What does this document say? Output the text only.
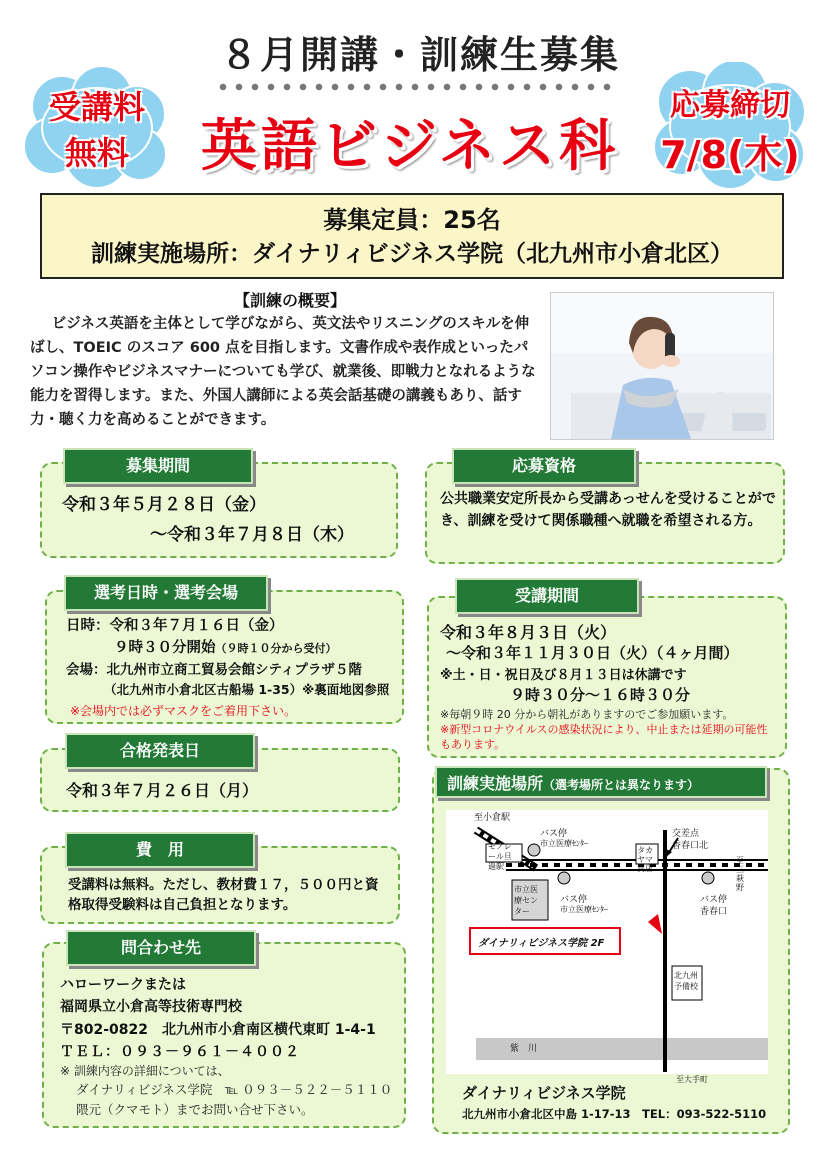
８月開講・訓練生募集
英語ビジネス科
受講料
無料
応募締切
7/8(木)
募集定員：25名
訓練実施場所：ダイナリィビジネス学院（北九州市小倉北区）
【訓練の概要】
ビジネス英語を主体として学びながら、英文法やリスニングのスキルを伸ばし、TOEIC のスコア 600 点を目指します。文書作成や表作成といったパソコン操作やビジネスマナーについても学び、就業後、即戦力となれるような能力を習得します。また、外国人講師による英会話基礎の講義もあり、話す力・聴く力を高めることができます。
募集期間
令和３年５月２８日（金）
～令和３年７月８日（木）
応募資格
公共職業安定所長から受講あっせんを受けることができ、訓練を受けて関係職種へ就職を希望される方。
選考日時・選考会場
日時：令和３年７月１６日（金）
９時３０分開始（９時１０分から受付）
会場：北九州市立商工貿易会館シティプラザ５階
（北九州市小倉北区古船場 1-35）※裏面地図参照
※会場内では必ずマスクをご着用下さい。
受講期間
令和３年８月３日（火）
～令和３年１１月３０日（火）（４ヶ月間）
※土・日・祝日及び８月１３日は休講です
９時３０分～１６時３０分
※毎朝９時 20 分から朝礼がありますのでご参加願います。
※新型コロナウイルスの感染状況により、中止または延期の可能性もあります。
合格発表日
令和３年７月２６日（月）
費　用
受講料は無料。ただし、教材費１７，５００円と資格取得受験料は自己負担となります。
問合わせ先
ハローワークまたは
福岡県立小倉高等技術専門校
〒802-0822　北九州市小倉南区横代東町 1-4-1
ＴＥＬ：０９３－９６１－４００２
※ 訓練内容の詳細については、
ダイナリィビジネス学院　℡ ０９３－５２２－５１１０
隈元（クマモト）までお問い合せ下さい。
訓練実施場所（選考場所とは異なります）
至小倉駅
モノレール旦過駅
バス停
市立医療ｾﾝﾀｰ
タカヤマ質店
交差点
香春口北
至三萩野
市立医療センター
バス停
市立医療ｾﾝﾀｰ
バス停
香春口
ダイナリィビジネス学院 2F
北九州予備校
紫　川
至大手町
ダイナリィビジネス学院
北九州市小倉北区中島 1-17-13　TEL：093-522-5110
